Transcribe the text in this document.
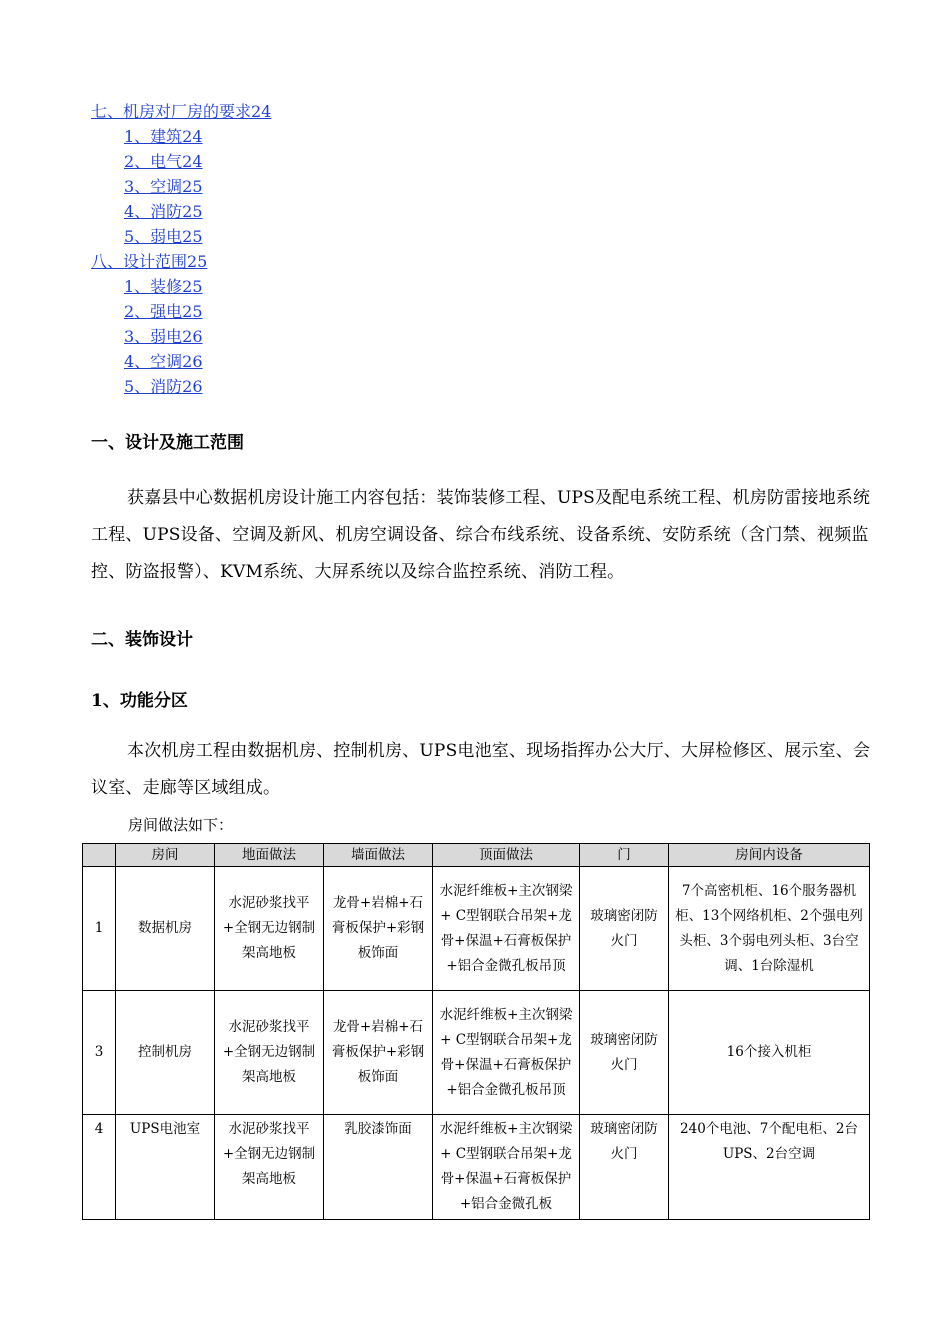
七、机房对厂房的要求24
1、建筑24
2、电气24
3、空调25
4、消防25
5、弱电25
八、设计范围25
1、装修25
2、强电25
3、弱电26
4、空调26
5、消防26
一、设计及施工范围
获嘉县中心数据机房设计施工内容包括：装饰装修工程、UPS及配电系统工程、机房防雷接地系统工程、UPS设备、空调及新风、机房空调设备、综合布线系统、设备系统、安防系统（含门禁、视频监控、防盗报警）、KVM系统、大屏系统以及综合监控系统、消防工程。
二、装饰设计
1、功能分区
本次机房工程由数据机房、控制机房、UPS电池室、现场指挥办公大厅、大屏检修区、展示室、会议室、走廊等区域组成。
房间做法如下：
	房间	地面做法	墙面做法	顶面做法	门	房间内设备
1	数据机房	水泥砂浆找平+全钢无边钢制架高地板	龙骨+岩棉+石膏板保护+彩钢板饰面	水泥纤维板+主次钢梁+ C型钢联合吊架+龙骨+保温+石膏板保护+铝合金微孔板吊顶	玻璃密闭防火门	7个高密机柜、16个服务器机柜、13个网络机柜、2个强电列头柜、3个弱电列头柜、3台空调、1台除湿机
3	控制机房	水泥砂浆找平+全钢无边钢制架高地板	龙骨+岩棉+石膏板保护+彩钢板饰面	水泥纤维板+主次钢梁+ C型钢联合吊架+龙骨+保温+石膏板保护+铝合金微孔板吊顶	玻璃密闭防火门	16个接入机柜
4	UPS电池室	水泥砂浆找平+全钢无边钢制架高地板	乳胶漆饰面	水泥纤维板+主次钢梁+ C型钢联合吊架+龙骨+保温+石膏板保护+铝合金微孔板	玻璃密闭防火门	240个电池、7个配电柜、2台UPS、2台空调
